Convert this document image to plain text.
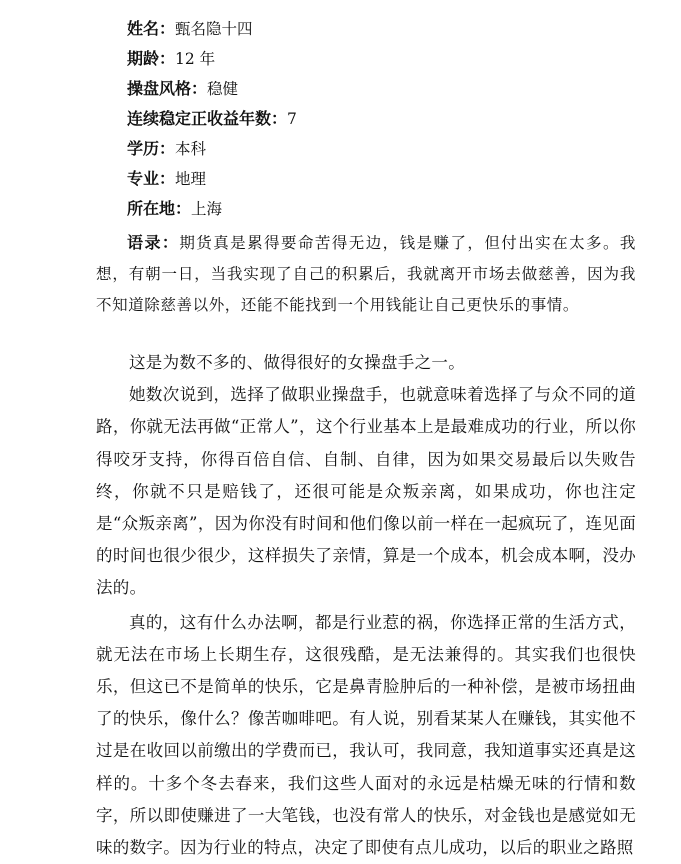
姓名：甄名隐十四
期龄：12 年
操盘风格：稳健
连续稳定正收益年数：7
学历：本科
专业：地理
所在地：上海
语录：期货真是累得要命苦得无边，钱是赚了，但付出实在太多。我想，有朝一日，当我实现了自己的积累后，我就离开市场去做慈善，因为我不知道除慈善以外，还能不能找到一个用钱能让自己更快乐的事情。

这是为数不多的、做得很好的女操盘手之一。

她数次说到，选择了做职业操盘手，也就意味着选择了与众不同的道路，你就无法再做“正常人”，这个行业基本上是最难成功的行业，所以你得咬牙支持，你得百倍自信、自制、自律，因为如果交易最后以失败告终，你就不只是赔钱了，还很可能是众叛亲离，如果成功，你也注定是“众叛亲离”，因为你没有时间和他们像以前一样在一起疯玩了，连见面的时间也很少很少，这样损失了亲情，算是一个成本，机会成本啊，没办法的。

真的，这有什么办法啊，都是行业惹的祸，你选择正常的生活方式，就无法在市场上长期生存，这很残酷，是无法兼得的。其实我们也很快乐，但这已不是简单的快乐，它是鼻青脸肿后的一种补偿，是被市场扭曲了的快乐，像什么？像苦咖啡吧。有人说，别看某某人在赚钱，其实他不过是在收回以前缴出的学费而已，我认可，我同意，我知道事实还真是这样的。十多个冬去春来，我们这些人面对的永远是枯燥无味的行情和数字，所以即使赚进了一大笔钱，也没有常人的快乐，对金钱也是感觉如无味的数字。因为行业的特点，决定了即使有点儿成功，以后的职业之路照
